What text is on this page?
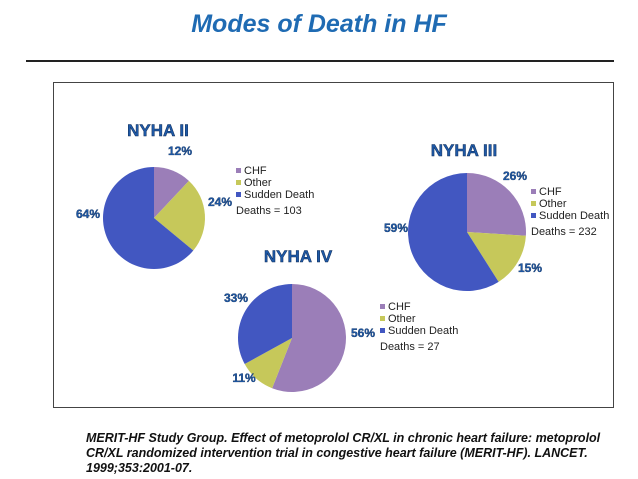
Modes of Death in HF
NYHA II
12%
24%
64%
CHF
Other
Sudden Death
Deaths = 103
NYHA III
26%
15%
59%
CHF
Other
Sudden Death
Deaths = 232
NYHA IV
56%
11%
33%
CHF
Other
Sudden Death
Deaths = 27
MERIT-HF Study Group. Effect of metoprolol CR/XL in chronic heart failure: metoprolol
CR/XL randomized intervention trial in congestive heart failure (MERIT-HF). LANCET.
1999;353:2001-07.
